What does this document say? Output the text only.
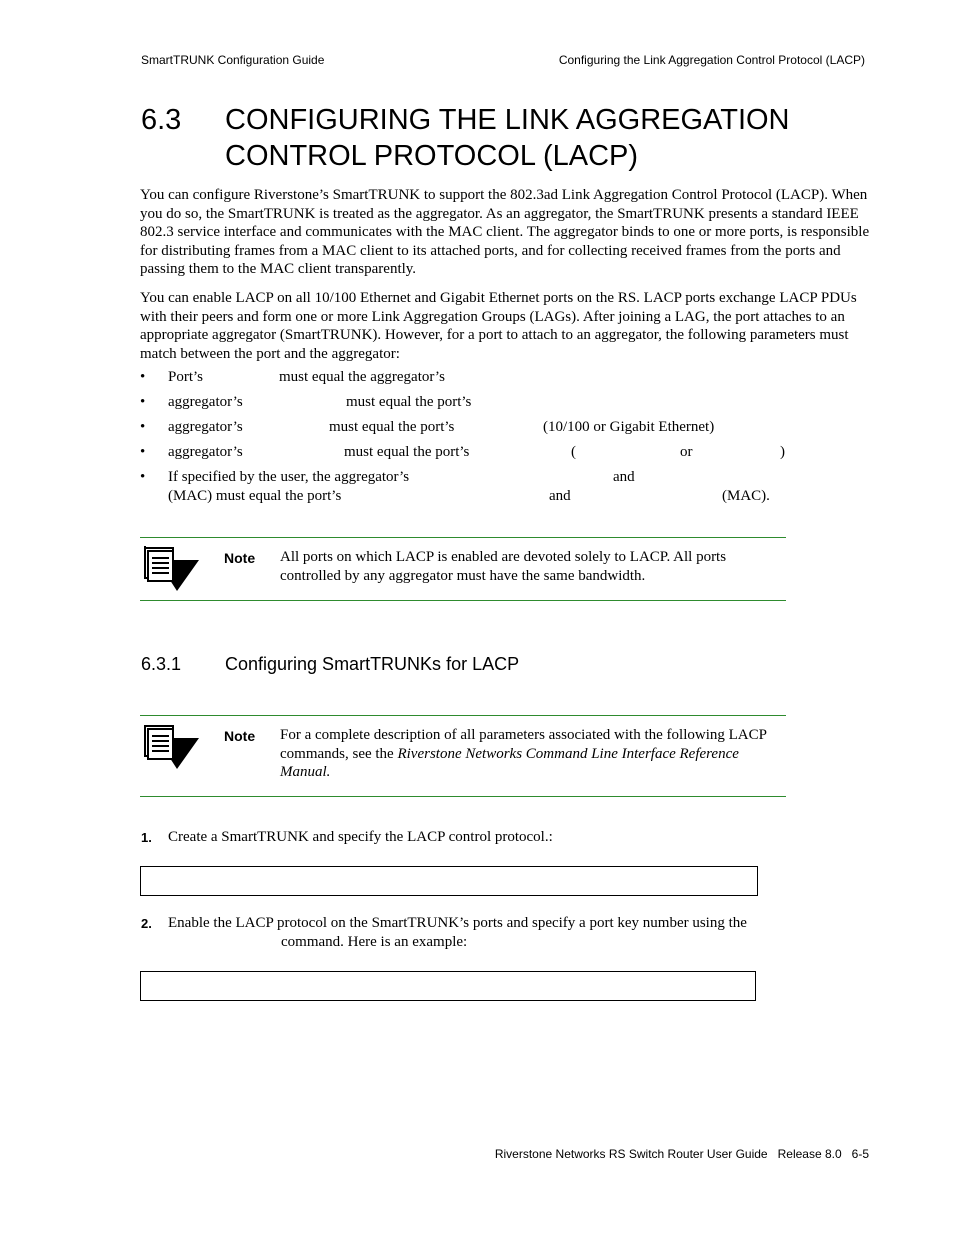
SmartTRUNK Configuration Guide	Configuring the Link Aggregation Control Protocol (LACP)
6.3 CONFIGURING THE LINK AGGREGATION
CONTROL PROTOCOL (LACP)

You can configure Riverstone’s SmartTRUNK to support the 802.3ad Link Aggregation Control Protocol (LACP). When you do so, the SmartTRUNK is treated as the aggregator. As an aggregator, the SmartTRUNK presents a standard IEEE 802.3 service interface and communicates with the MAC client. The aggregator binds to one or more ports, is responsible for distributing frames from a MAC client to its attached ports, and for collecting received frames from the ports and passing them to the MAC client transparently.

You can enable LACP on all 10/100 Ethernet and Gigabit Ethernet ports on the RS. LACP ports exchange LACP PDUs with their peers and form one or more Link Aggregation Groups (LAGs). After joining a LAG, the port attaches to an appropriate aggregator (SmartTRUNK). However, for a port to attach to an aggregator, the following parameters must match between the port and the aggregator:

• Port’s	must equal the aggregator’s
• aggregator’s	must equal the port’s
• aggregator’s	must equal the port’s	(10/100 or Gigabit Ethernet)
• aggregator’s	must equal the port’s	(	or	)
• If specified by the user, the aggregator’s	and
(MAC) must equal the port’s	and	(MAC).
Note All ports on which LACP is enabled are devoted solely to LACP. All ports
controlled by any aggregator must have the same bandwidth.
6.3.1 Configuring SmartTRUNKs for LACP
Note For a complete description of all parameters associated with the following LACP
commands, see the Riverstone Networks Command Line Interface Reference
Manual.
1. Create a SmartTRUNK and specify the LACP control protocol.:
2. Enable the LACP protocol on the SmartTRUNK’s ports and specify a port key number using the
command. Here is an example:
Riverstone Networks RS Switch Router User Guide   Release 8.0   6-5
